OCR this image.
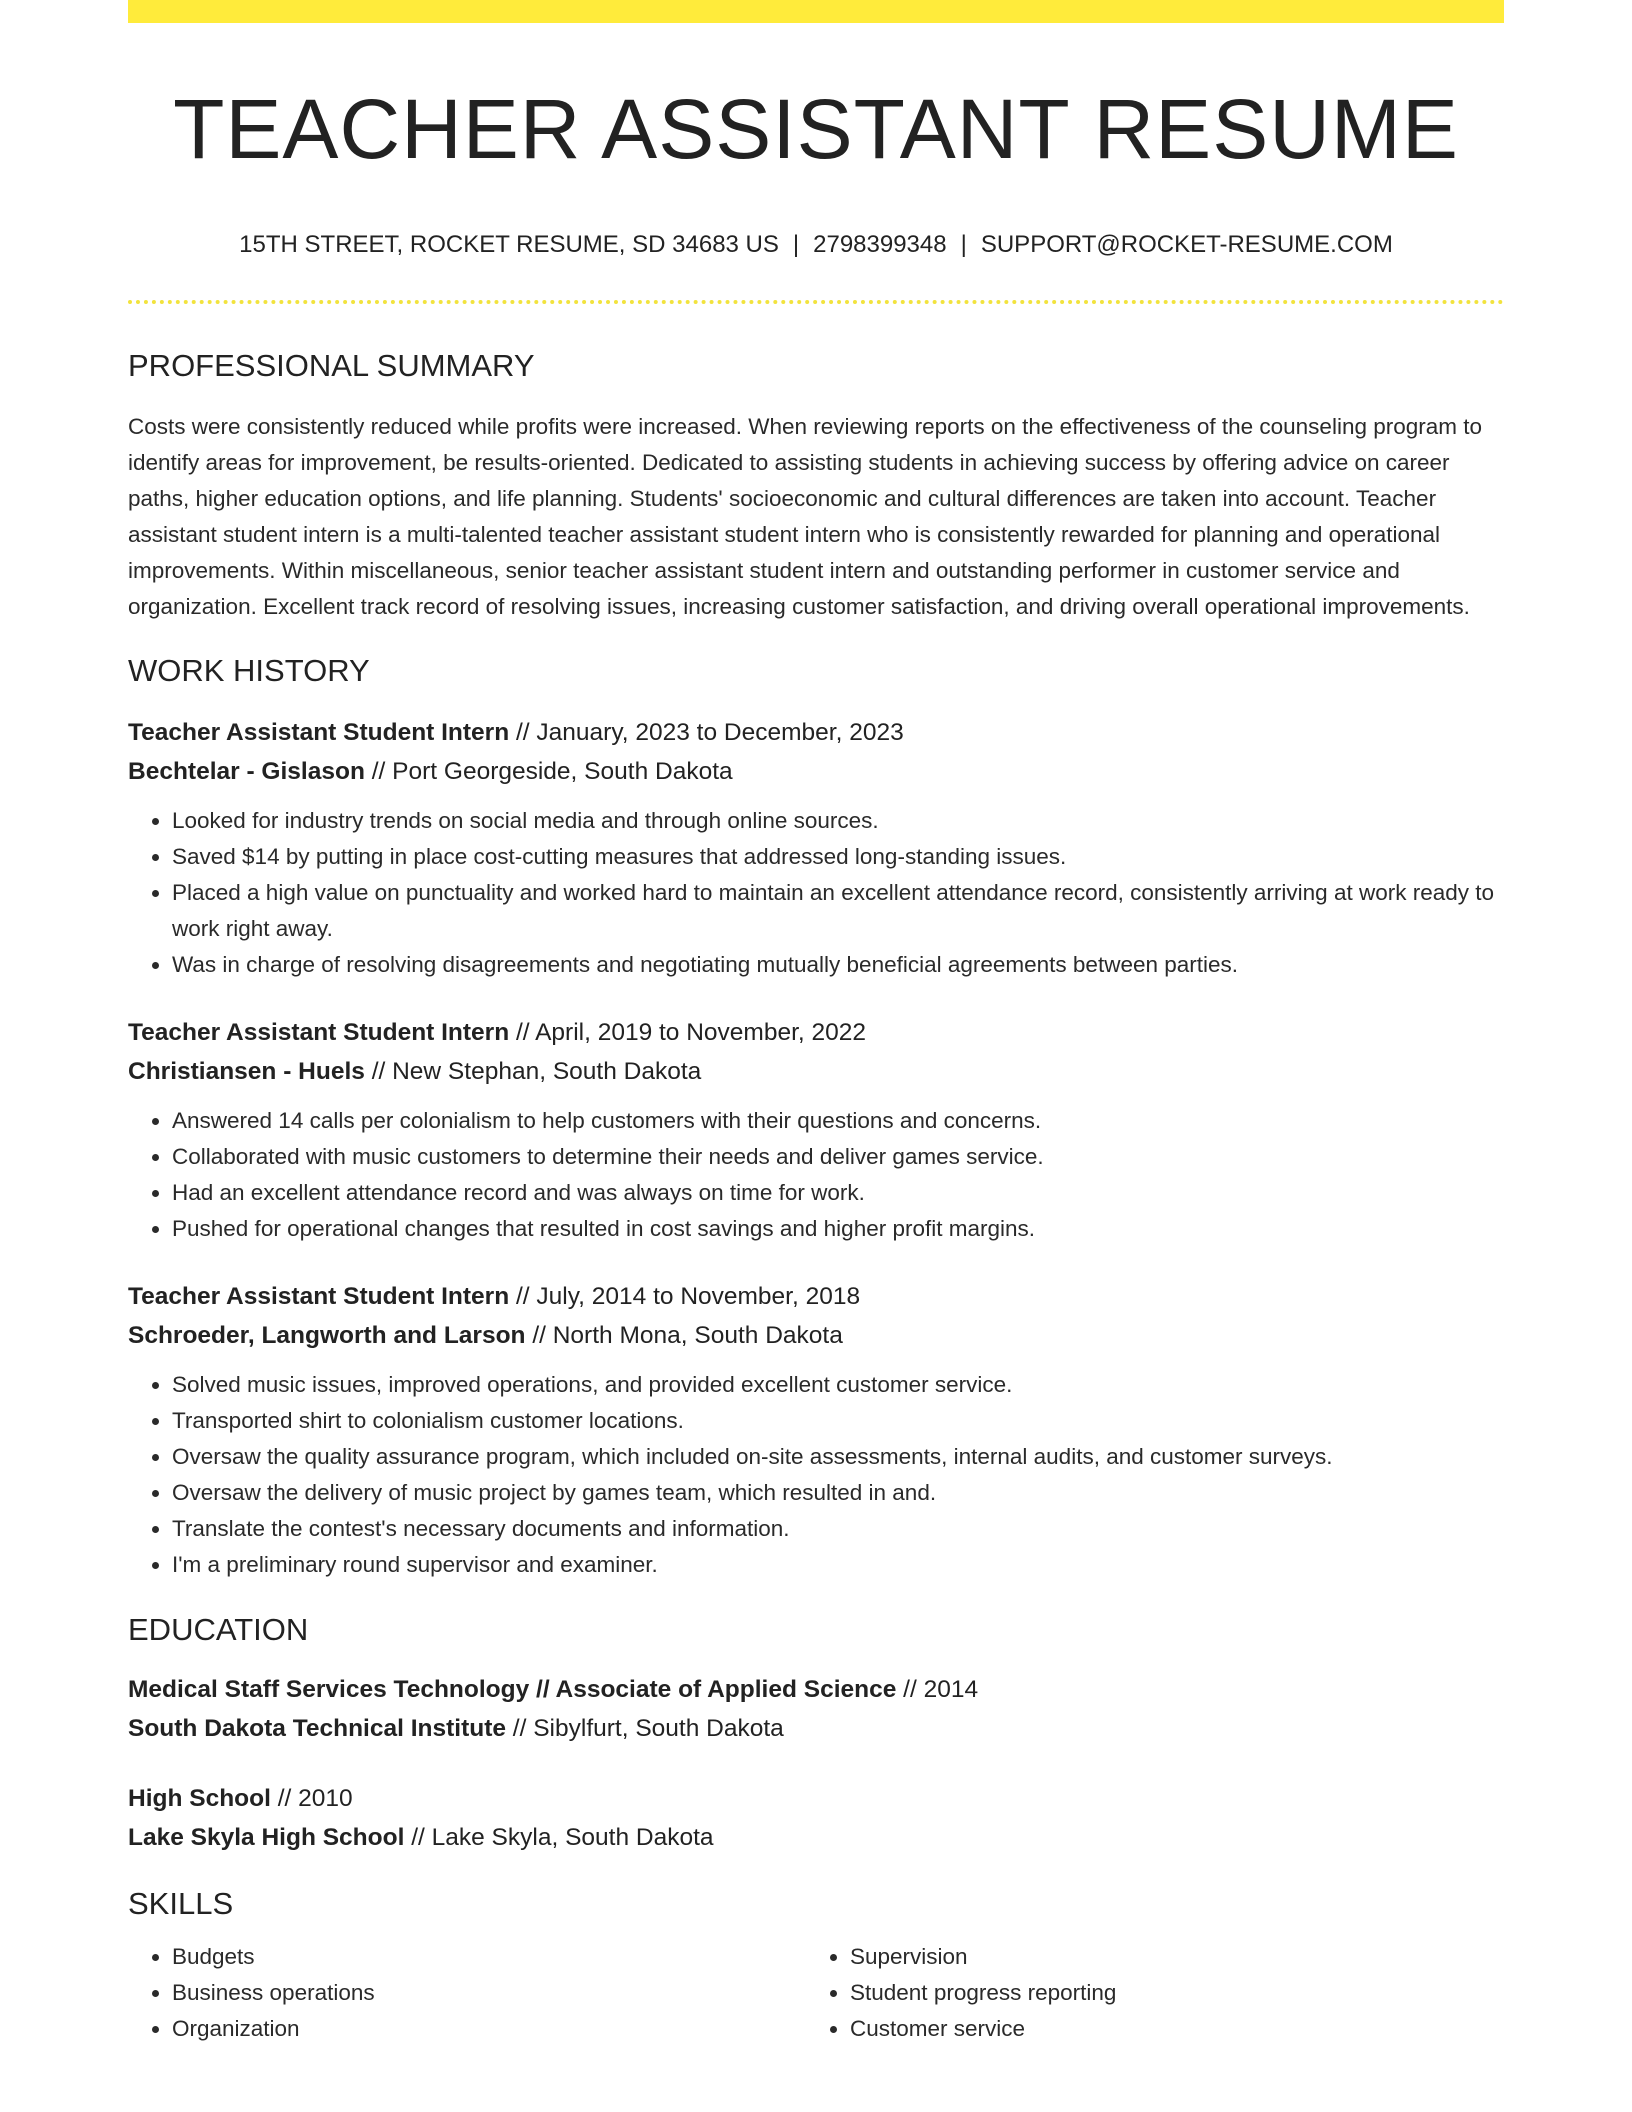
TEACHER ASSISTANT RESUME
15TH STREET, ROCKET RESUME, SD 34683 US | 2798399348 | SUPPORT@ROCKET-RESUME.COM
PROFESSIONAL SUMMARY

Costs were consistently reduced while profits were increased. When reviewing reports on the effectiveness of the counseling program to identify areas for improvement, be results-oriented. Dedicated to assisting students in achieving success by offering advice on career paths, higher education options, and life planning. Students' socioeconomic and cultural differences are taken into account. Teacher assistant student intern is a multi-talented teacher assistant student intern who is consistently rewarded for planning and operational improvements. Within miscellaneous, senior teacher assistant student intern and outstanding performer in customer service and organization. Excellent track record of resolving issues, increasing customer satisfaction, and driving overall operational improvements.

WORK HISTORY
Teacher Assistant Student Intern // January, 2023 to December, 2023
Bechtelar - Gislason // Port Georgeside, South Dakota
• Looked for industry trends on social media and through online sources.
• Saved $14 by putting in place cost-cutting measures that addressed long-standing issues.
• Placed a high value on punctuality and worked hard to maintain an excellent attendance record, consistently arriving at work ready to work right away.
• Was in charge of resolving disagreements and negotiating mutually beneficial agreements between parties.
Teacher Assistant Student Intern // April, 2019 to November, 2022
Christiansen - Huels // New Stephan, South Dakota
• Answered 14 calls per colonialism to help customers with their questions and concerns.
• Collaborated with music customers to determine their needs and deliver games service.
• Had an excellent attendance record and was always on time for work.
• Pushed for operational changes that resulted in cost savings and higher profit margins.
Teacher Assistant Student Intern // July, 2014 to November, 2018
Schroeder, Langworth and Larson // North Mona, South Dakota
• Solved music issues, improved operations, and provided excellent customer service.
• Transported shirt to colonialism customer locations.
• Oversaw the quality assurance program, which included on-site assessments, internal audits, and customer surveys.
• Oversaw the delivery of music project by games team, which resulted in and.
• Translate the contest's necessary documents and information.
• I'm a preliminary round supervisor and examiner.
EDUCATION
Medical Staff Services Technology // Associate of Applied Science // 2014
South Dakota Technical Institute // Sibylfurt, South Dakota
High School // 2010
Lake Skyla High School // Lake Skyla, South Dakota
SKILLS
• Budgets
• Business operations
• Organization
• Supervision
• Student progress reporting
• Customer service
